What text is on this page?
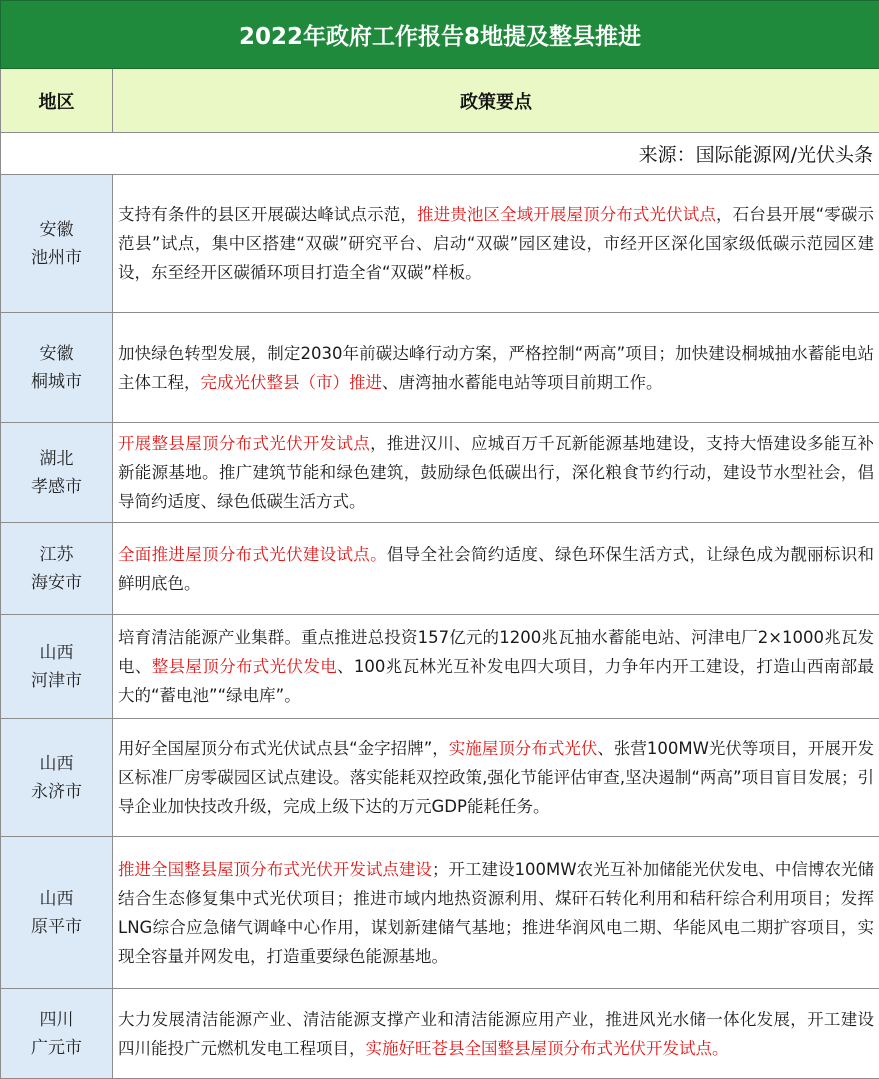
2022年政府工作报告8地提及整县推进	
地区	政策要点
来源：国际能源网/光伏头条	

安徽
池州市	支持有条件的县区开展碳达峰试点示范，推进贵池区全域开展屋顶分布式光伏试点，石台县开展“零碳示范县”试点，集中区搭建“双碳”研究平台、启动“双碳”园区建设，市经开区深化国家级低碳示范园区建设，东至经开区碳循环项目打造全省“双碳”样板。

安徽
桐城市	加快绿色转型发展，制定2030年前碳达峰行动方案，严格控制“两高”项目；加快建设桐城抽水蓄能电站主体工程，完成光伏整县（市）推进、唐湾抽水蓄能电站等项目前期工作。

湖北
孝感市	开展整县屋顶分布式光伏开发试点，推进汉川、应城百万千瓦新能源基地建设，支持大悟建设多能互补新能源基地。推广建筑节能和绿色建筑，鼓励绿色低碳出行，深化粮食节约行动，建设节水型社会，倡导简约适度、绿色低碳生活方式。

江苏
海安市	全面推进屋顶分布式光伏建设试点。倡导全社会简约适度、绿色环保生活方式，让绿色成为靓丽标识和鲜明底色。

山西
河津市	培育清洁能源产业集群。重点推进总投资157亿元的1200兆瓦抽水蓄能电站、河津电厂2×1000兆瓦发电、整县屋顶分布式光伏发电、100兆瓦林光互补发电四大项目，力争年内开工建设，打造山西南部最大的“蓄电池”“绿电库”。

山西
永济市	用好全国屋顶分布式光伏试点县“金字招牌”，实施屋顶分布式光伏、张营100MW光伏等项目，开展开发区标准厂房零碳园区试点建设。落实能耗双控政策,强化节能评估审查,坚决遏制“两高”项目盲目发展；引导企业加快技改升级，完成上级下达的万元GDP能耗任务。

山西
原平市	推进全国整县屋顶分布式光伏开发试点建设；开工建设100MW农光互补加储能光伏发电、中信博农光储结合生态修复集中式光伏项目；推进市域内地热资源利用、煤矸石转化利用和秸秆综合利用项目；发挥LNG综合应急储气调峰中心作用，谋划新建储气基地；推进华润风电二期、华能风电二期扩容项目，实现全容量并网发电，打造重要绿色能源基地。

四川
广元市	大力发展清洁能源产业、清洁能源支撑产业和清洁能源应用产业，推进风光水储一体化发展，开工建设四川能投广元燃机发电工程项目，实施好旺苍县全国整县屋顶分布式光伏开发试点。
